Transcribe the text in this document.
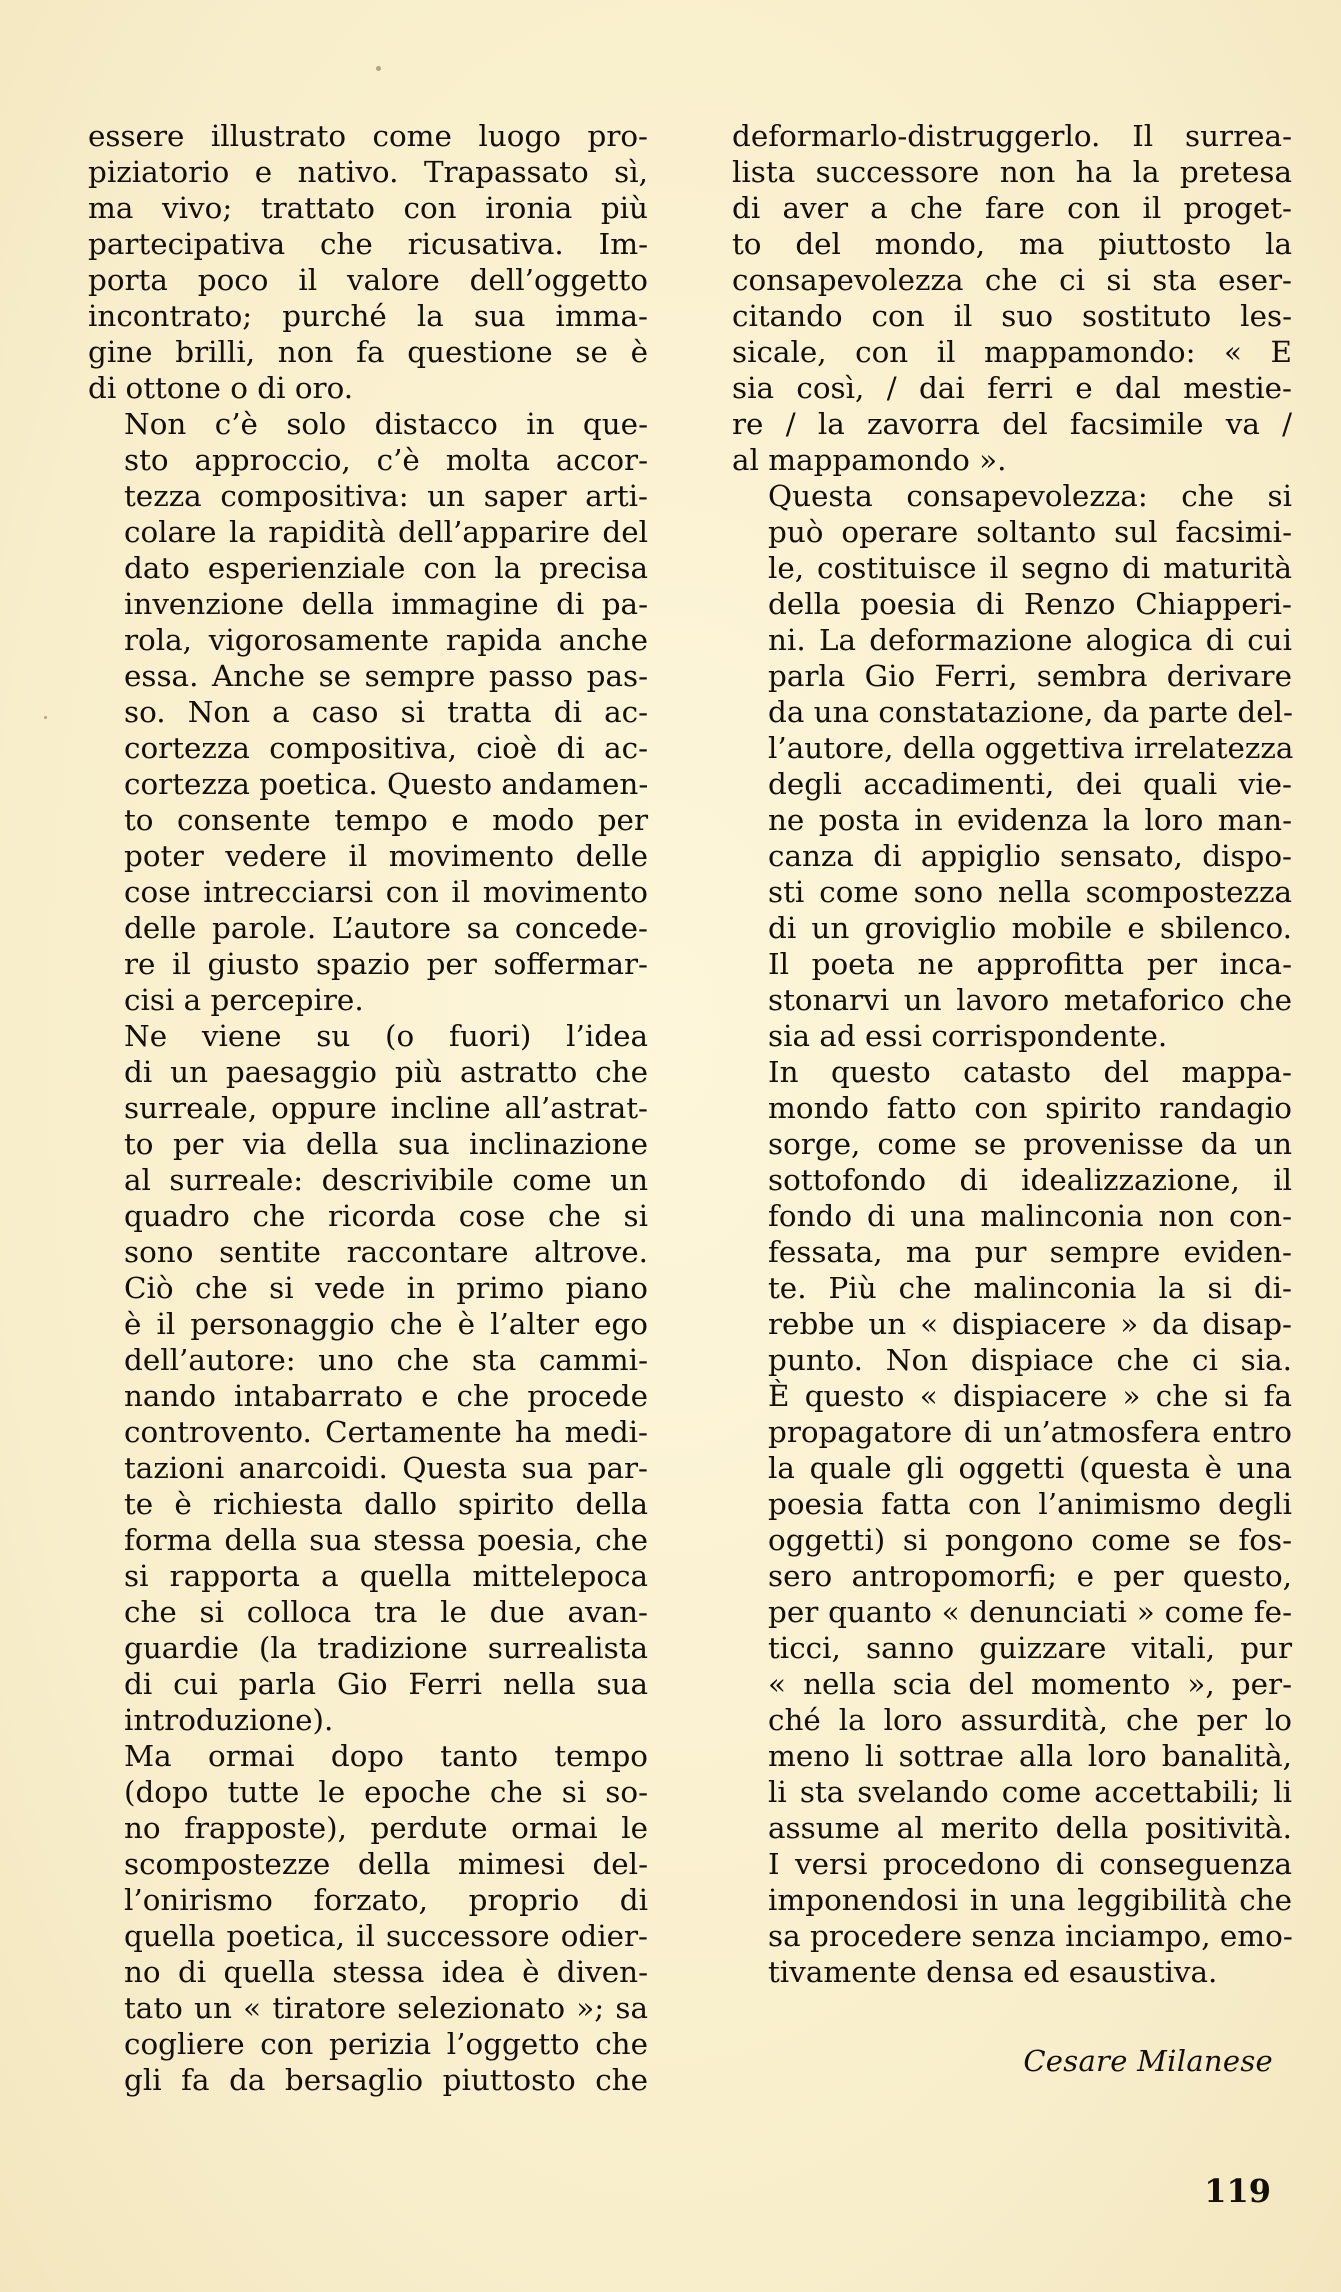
essere illustrato come luogo pro-
piziatorio e nativo. Trapassato sì,
ma vivo; trattato con ironia più
partecipativa che ricusativa. Im-
porta poco il valore dell’oggetto
incontrato; purché la sua imma-
gine brilli, non fa questione se è
di ottone o di oro.

Non c’è solo distacco in que-
sto approccio, c’è molta accor-
tezza compositiva: un saper arti-
colare la rapidità dell’apparire del
dato esperienziale con la precisa
invenzione della immagine di pa-
rola, vigorosamente rapida anche
essa. Anche se sempre passo pas-
so. Non a caso si tratta di ac-
cortezza compositiva, cioè di ac-
cortezza poetica. Questo andamen-
to consente tempo e modo per
poter vedere il movimento delle
cose intrecciarsi con il movimento
delle parole. L’autore sa concede-
re il giusto spazio per soffermar-
cisi a percepire.

Ne viene su (o fuori) l’idea
di un paesaggio più astratto che
surreale, oppure incline all’astrat-
to per via della sua inclinazione
al surreale: descrivibile come un
quadro che ricorda cose che si
sono sentite raccontare altrove.
Ciò che si vede in primo piano
è il personaggio che è l’alter ego
dell’autore: uno che sta cammi-
nando intabarrato e che procede
controvento. Certamente ha medi-
tazioni anarcoidi. Questa sua par-
te è richiesta dallo spirito della
forma della sua stessa poesia, che
si rapporta a quella mittelepoca
che si colloca tra le due avan-
guardie (la tradizione surrealista
di cui parla Gio Ferri nella sua
introduzione).

Ma ormai dopo tanto tempo
(dopo tutte le epoche che si so-
no frapposte), perdute ormai le
scompostezze della mimesi del-
l’onirismo forzato, proprio di
quella poetica, il successore odier-
no di quella stessa idea è diven-
tato un « tiratore selezionato »; sa
cogliere con perizia l’oggetto che
gli fa da bersaglio piuttosto che

deformarlo-distruggerlo. Il surrea-
lista successore non ha la pretesa
di aver a che fare con il proget-
to del mondo, ma piuttosto la
consapevolezza che ci si sta eser-
citando con il suo sostituto les-
sicale, con il mappamondo: « E
sia così, / dai ferri e dal mestie-
re / la zavorra del facsimile va /
al mappamondo ».

Questa consapevolezza: che si
può operare soltanto sul facsimi-
le, costituisce il segno di maturità
della poesia di Renzo Chiapperi-
ni. La deformazione alogica di cui
parla Gio Ferri, sembra derivare
da una constatazione, da parte del-
l’autore, della oggettiva irrelatezza
degli accadimenti, dei quali vie-
ne posta in evidenza la loro man-
canza di appiglio sensato, dispo-
sti come sono nella scompostezza
di un groviglio mobile e sbilenco.
Il poeta ne approfitta per inca-
stonarvi un lavoro metaforico che
sia ad essi corrispondente.

In questo catasto del mappa-
mondo fatto con spirito randagio
sorge, come se provenisse da un
sottofondo di idealizzazione, il
fondo di una malinconia non con-
fessata, ma pur sempre eviden-
te. Più che malinconia la si di-
rebbe un « dispiacere » da disap-
punto. Non dispiace che ci sia.
È questo « dispiacere » che si fa
propagatore di un’atmosfera entro
la quale gli oggetti (questa è una
poesia fatta con l’animismo degli
oggetti) si pongono come se fos-
sero antropomorfi; e per questo,
per quanto « denunciati » come fe-
ticci, sanno guizzare vitali, pur
« nella scia del momento », per-
ché la loro assurdità, che per lo
meno li sottrae alla loro banalità,
li sta svelando come accettabili; li
assume al merito della positività.
I versi procedono di conseguenza
imponendosi in una leggibilità che
sa procedere senza inciampo, emo-
tivamente densa ed esaustiva.

Cesare Milanese
119
